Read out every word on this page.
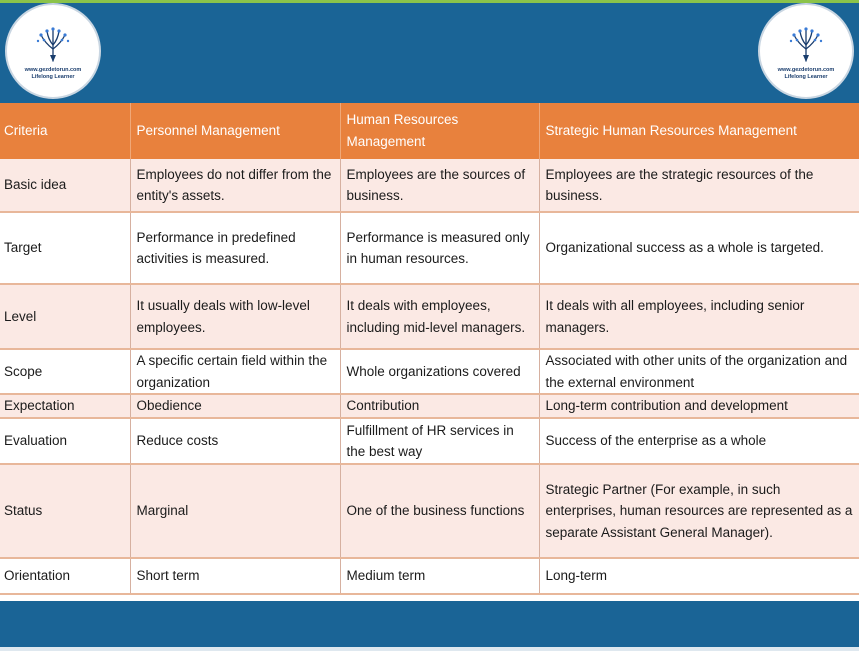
www.gezdetorun.com
Lifelong Learner
www.gezdetorun.com
Lifelong Learner
Criteria	Personnel Management	Human Resources Management	Strategic Human Resources Management
Basic idea	Employees do not differ from the entity's assets.	Employees are the sources of business.	Employees are the strategic resources of the business.
Target	Performance in predefined activities is measured.	Performance is measured only in human resources.	Organizational success as a whole is targeted.
Level	It usually deals with low-level employees.	It deals with employees, including mid-level managers.	It deals with all employees, including senior managers.
Scope	A specific certain field within the organization	Whole organizations covered	Associated with other units of the organization and the external environment
Expectation	Obedience	Contribution	Long-term contribution and development
Evaluation	Reduce costs	Fulfillment of HR services in the best way	Success of the enterprise as a whole
Status	Marginal	One of the business functions	Strategic Partner (For example, in such enterprises, human resources are represented as a separate Assistant General Manager).
Orientation	Short term	Medium term	Long-term
